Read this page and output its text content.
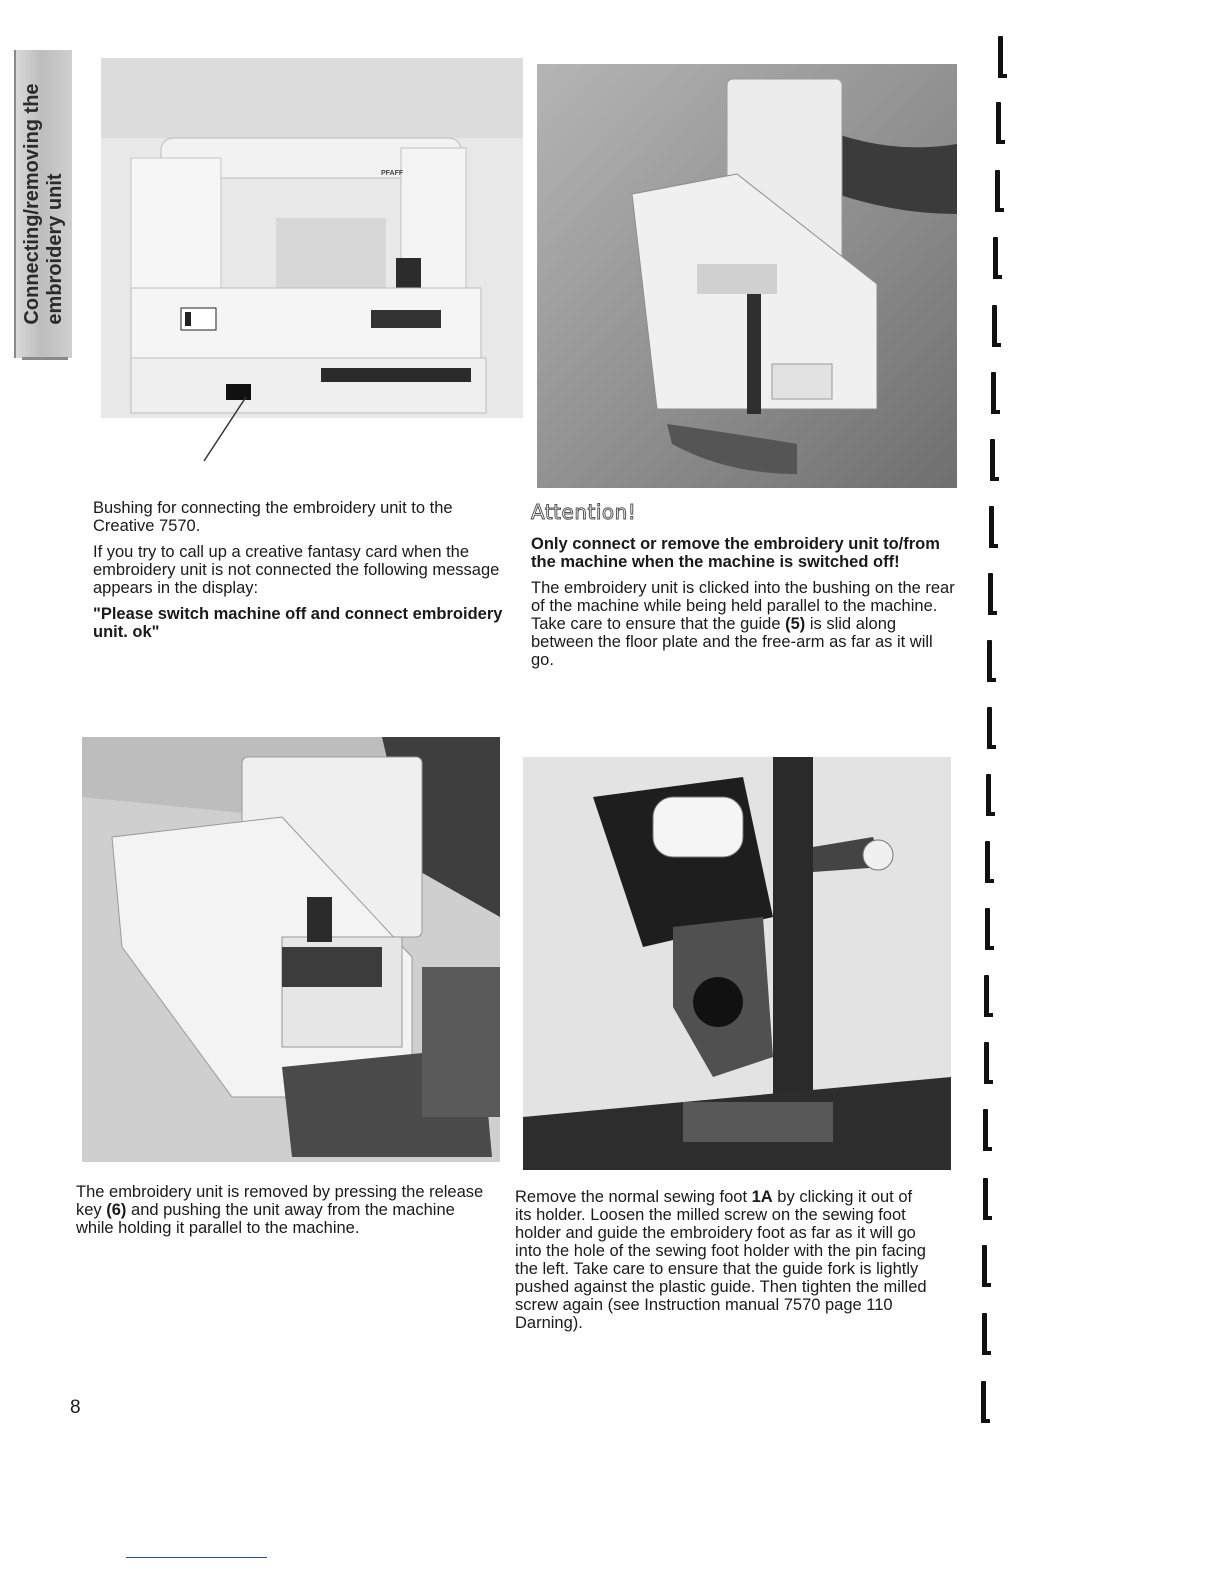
Connecting/removing the embroidery unit	PFAFF

Bushing for connecting the embroidery unit to the Creative 7570.

If you try to call up a creative fantasy card when the embroidery unit is not connected the following message appears in the display:

"Please switch machine off and connect embroidery unit. ok"

Attention!

Only connect or remove the embroidery unit to/from the machine when the machine is switched off!

The embroidery unit is clicked into the bushing on the rear of the machine while being held parallel to the machine. Take care to ensure that the guide (5) is slid along between the floor plate and the free-arm as far as it will go.

The embroidery unit is removed by pressing the release key (6) and pushing the unit away from the machine while holding it parallel to the machine.

Remove the normal sewing foot 1A by clicking it out of its holder. Loosen the milled screw on the sewing foot holder and guide the embroidery foot as far as it will go into the hole of the sewing foot holder with the pin facing the left. Take care to ensure that the guide fork is lightly pushed against the plastic guide. Then tighten the milled screw again (see Instruction manual 7570 page 110 Darning).

8
